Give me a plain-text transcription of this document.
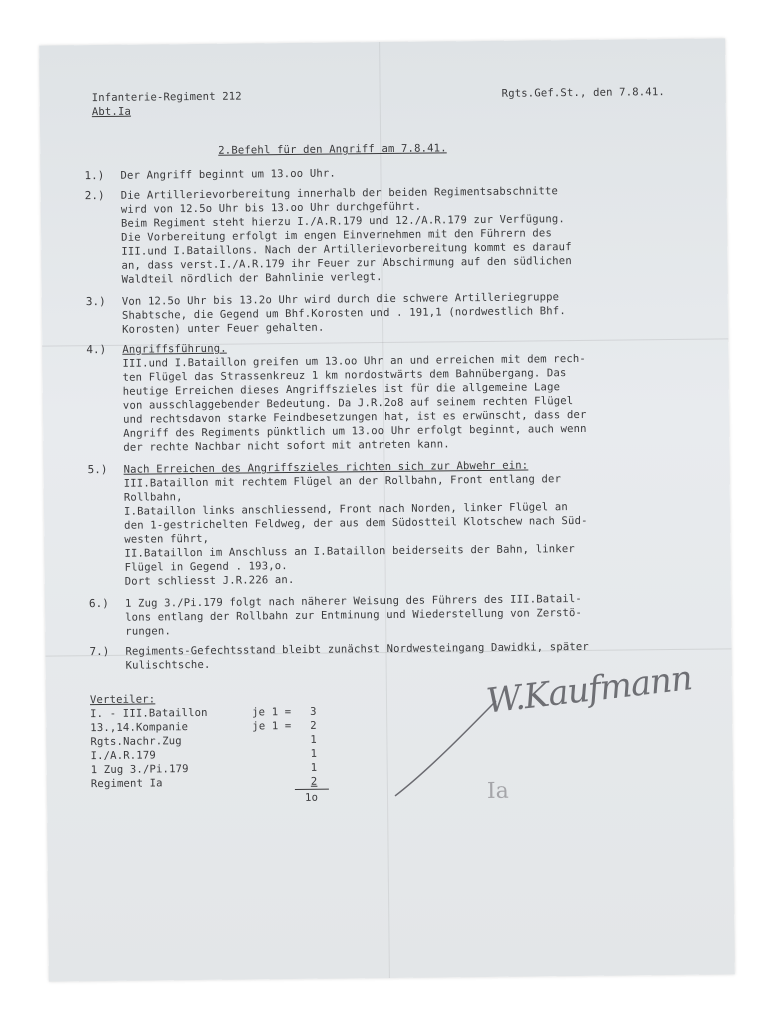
Infanterie-Regiment 212
Abt.Ia
Rgts.Gef.St., den 7.8.41.
2.Befehl für den Angriff am 7.8.41.
1.) Der Angriff beginnt um 13.oo Uhr.
2.) Die Artillerievorbereitung innerhalb der beiden Regimentsabschnitte
wird von 12.5o Uhr bis 13.oo Uhr durchgeführt.
Beim Regiment steht hierzu I./A.R.179 und 12./A.R.179 zur Verfügung.
Die Vorbereitung erfolgt im engen Einvernehmen mit den Führern des
III.und I.Bataillons. Nach der Artillerievorbereitung kommt es darauf
an, dass verst.I./A.R.179 ihr Feuer zur Abschirmung auf den südlichen
Waldteil nördlich der Bahnlinie verlegt.
3.) Von 12.5o Uhr bis 13.2o Uhr wird durch die schwere Artilleriegruppe
Shabtsche, die Gegend um Bhf.Korosten und . 191,1 (nordwestlich Bhf.
Korosten) unter Feuer gehalten.
4.) Angriffsführung.
III.und I.Bataillon greifen um 13.oo Uhr an und erreichen mit dem rech-
ten Flügel das Strassenkreuz 1 km nordostwärts dem Bahnübergang. Das
heutige Erreichen dieses Angriffszieles ist für die allgemeine Lage
von ausschlaggebender Bedeutung. Da J.R.2o8 auf seinem rechten Flügel
und rechtsdavon starke Feindbesetzungen hat, ist es erwünscht, dass der
Angriff des Regiments pünktlich um 13.oo Uhr erfolgt beginnt, auch wenn
der rechte Nachbar nicht sofort mit antreten kann.
5.) Nach Erreichen des Angriffszieles richten sich zur Abwehr ein:
III.Bataillon mit rechtem Flügel an der Rollbahn, Front entlang der
Rollbahn,
I.Bataillon links anschliessend, Front nach Norden, linker Flügel an
den 1-gestrichelten Feldweg, der aus dem Südostteil Klotschew nach Süd-
westen führt,
II.Bataillon im Anschluss an I.Bataillon beiderseits der Bahn, linker
Flügel in Gegend . 193,o.
Dort schliesst J.R.226 an.
6.) 1 Zug 3./Pi.179 folgt nach näherer Weisung des Führers des III.Batail-
lons entlang der Rollbahn zur Entminung und Wiederstellung von Zerstö-
rungen.
7.) Regiments-Gefechtsstand bleibt zunächst Nordwesteingang Dawidki, später
Kulischtsche.
Verteiler:
I. - III.Bataillon	je 1 = 3
13.,14.Kompanie	je 1 = 2
Rgts.Nachr.Zug	1
I./A.R.179	1
1 Zug 3./Pi.179	1
Regiment Ia	2
1o
W.Kaufmann
Ia
